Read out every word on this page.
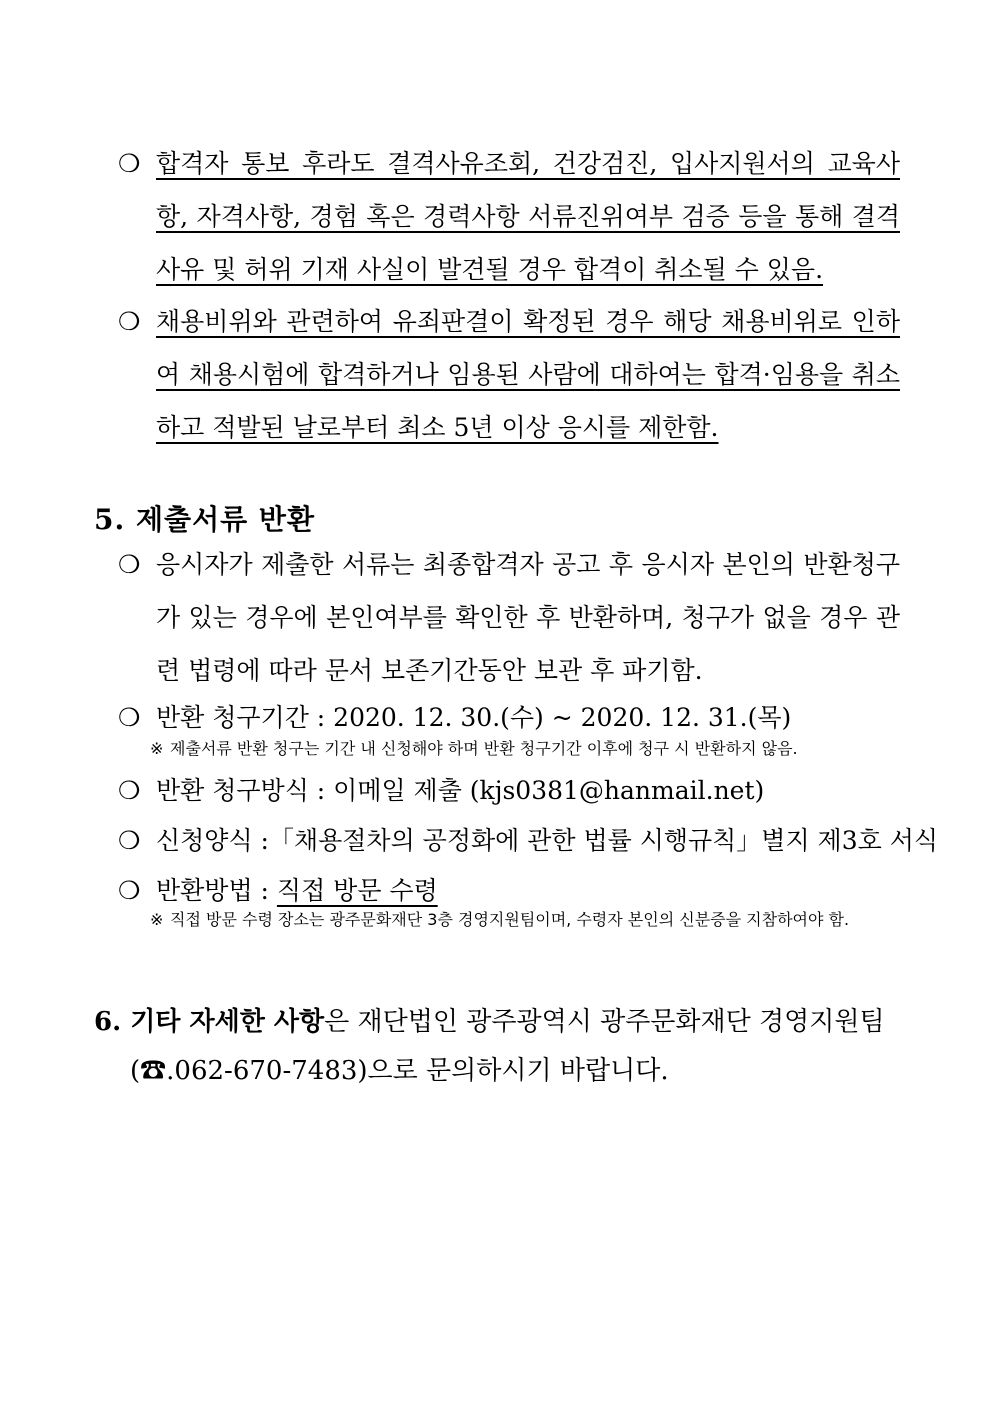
❍ 합격자 통보 후라도 결격사유조회, 건강검진, 입사지원서의 교육사항, 자격사항, 경험 혹은 경력사항 서류진위여부 검증 등을 통해 결격 사유 및 허위 기재 사실이 발견될 경우 합격이 취소될 수 있음.
❍ 채용비위와 관련하여 유죄판결이 확정된 경우 해당 채용비위로 인하여 채용시험에 합격하거나 임용된 사람에 대하여는 합격·임용을 취소하고 적발된 날로부터 최소 5년 이상 응시를 제한함.
5. 제출서류 반환
❍ 응시자가 제출한 서류는 최종합격자 공고 후 응시자 본인의 반환청구가 있는 경우에 본인여부를 확인한 후 반환하며, 청구가 없을 경우 관련 법령에 따라 문서 보존기간동안 보관 후 파기함.
❍ 반환 청구기간 : 2020. 12. 30.(수) ~ 2020. 12. 31.(목)
※ 제출서류 반환 청구는 기간 내 신청해야 하며 반환 청구기간 이후에 청구 시 반환하지 않음.
❍ 반환 청구방식 : 이메일 제출 (kjs0381@hanmail.net)
❍ 신청양식 :「채용절차의 공정화에 관한 법률 시행규칙」별지 제3호 서식
❍ 반환방법 : 직접 방문 수령
※ 직접 방문 수령 장소는 광주문화재단 3층 경영지원팀이며, 수령자 본인의 신분증을 지참하여야 함.
6. 기타 자세한 사항은 재단법인 광주광역시 광주문화재단 경영지원팀
(☎.062-670-7483)으로 문의하시기 바랍니다.
